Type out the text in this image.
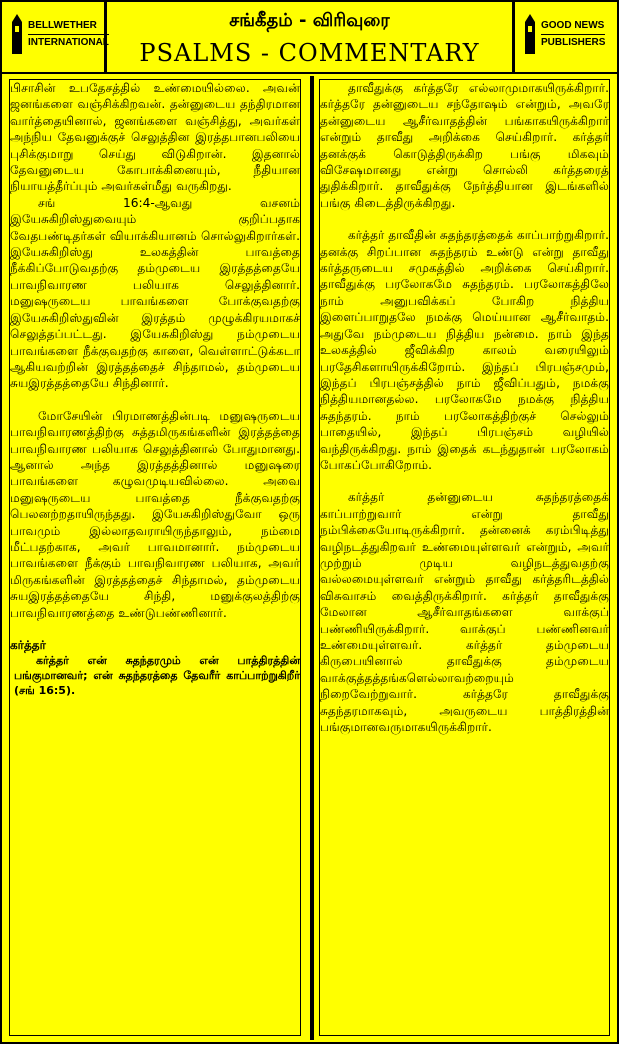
BELLWETHER
INTERNATIONAL
சங்கீதம் - விரிவுரை
PSALMS - COMMENTARY
GOOD NEWS
PUBLISHERS

பிசாசின் உபதேசத்தில் உண்மையில்லை. அவன் ஜனங்களை வஞ்சிக்கிறவன். தன்னுடைய தந்திரமான வார்த்தையினால், ஜனங்களை வஞ்சித்து, அவர்கள் அந்நிய தேவனுக்குச் செலுத்தின இரத்தபானபலியை புசிக்குமாறு செய்து விடுகிறான். இதனால் தேவனுடைய கோபாக்கினையும், நீதியான நியாயத்தீர்ப்பும் அவர்கள்மீது வருகிறது.

சங் 16:4-ஆவது வசனம் இயேசுகிறிஸ்துவையும் குறிப்பதாக வேதபண்டிதர்கள் வியாக்கியானம் சொல்லுகிறார்கள். இயேசுகிறிஸ்து உலகத்தின் பாவத்தை நீக்கிப்போடுவதற்கு தம்முடைய இரத்தத்தையே பாவநிவாரண பலியாக செலுத்தினார். மனுஷருடைய பாவங்களை போக்குவதற்கு இயேசுகிறிஸ்துவின் இரத்தம் முழுக்கிரயமாகச் செலுத்தப்பட்டது. இயேசுகிறிஸ்து நம்முடைய பாவங்களை நீக்குவதற்கு காளை, வெள்ளாட்டுக்கடா ஆகியவற்றின் இரத்தத்தைச் சிந்தாமல், தம்முடைய சுயஇரத்தத்தையே சிந்தினார்.

மோசேயின் பிரமாணத்தின்படி மனுஷருடைய பாவநிவாரணத்திற்கு சுத்தமிருகங்களின் இரத்தத்தை பாவநிவாரண பலியாக செலுத்தினால் போதுமானது. ஆனால் அந்த இரத்தத்தினால் மனுஷரை பாவங்களை கழுவமுடியவில்லை. அவை மனுஷருடைய பாவத்தை நீக்குவதற்கு பெலனற்றதாயிருந்தது. இயேசுகிறிஸ்துவோ ஒரு பாவமும் இல்லாதவராயிருந்தாலும், நம்மை மீட்பதற்காக, அவர் பாவமானார். நம்முடைய பாவங்களை நீக்கும் பாவநிவாரண பலியாக, அவர் மிருகங்களின் இரத்தத்தைச் சிந்தாமல், தம்முடைய சுயஇரத்தத்தையே சிந்தி, மனுக்குலத்திற்கு பாவநிவாரணத்தை உண்டுபண்ணினார்.

கர்த்தர்

கர்த்தர் என் சுதந்தரமும் என் பாத்திரத்தின் பங்குமானவர்; என் சுதந்தரத்தை தேவரீர் காப்பாற்றுகிறீர் (சங் 16:5).

தாவீதுக்கு கர்த்தரே எல்லாமுமாகயிருக்கிறார். கர்த்தரே தன்னுடைய சந்தோஷம் என்றும், அவரே தன்னுடைய ஆசீர்வாதத்தின் பங்காகயிருக்கிறார் என்றும் தாவீது அறிக்கை செய்கிறார். கர்த்தர் தனக்குக் கொடுத்திருக்கிற பங்கு மிகவும் விசேஷமானது என்று சொல்லி கர்த்தரைத் துதிக்கிறார். தாவீதுக்கு நேர்த்தியான இடங்களில் பங்கு கிடைத்திருக்கிறது.

கர்த்தர் தாவீதின் சுதந்தரத்தைக் காப்பாற்றுகிறார். தனக்கு சிறப்பான சுதந்தரம் உண்டு என்று தாவீது கர்த்தருடைய சமுகத்தில் அறிக்கை செய்கிறார். தாவீதுக்கு பரலோகமே சுதந்தரம். பரலோகத்திலே நாம் அனுபவிக்கப் போகிற நித்திய இளைப்பாறுதலே நமக்கு மெய்யான ஆசீர்வாதம். அதுவே நம்முடைய நித்திய நன்மை. நாம் இந்த உலகத்தில் ஜீவிக்கிற காலம் வரையிலும் பரதேசிகளாயிருக்கிறோம். இந்தப் பிரபஞ்சமும், இந்தப் பிரபஞ்சத்தில் நாம் ஜீவிப்பதும், நமக்கு நித்தியமானதல்ல. பரலோகமே நமக்கு நித்திய சுதந்தரம். நாம் பரலோகத்திற்குச் செல்லும் பாதையில், இந்தப் பிரபஞ்சம் வழியில் வந்திருக்கிறது. நாம் இதைக் கடந்துதான் பரலோகம் போகப்போகிறோம்.

கர்த்தர் தன்னுடைய சுதந்தரத்தைக் காப்பாற்றுவார் என்று தாவீது நம்பிக்கையோடிருக்கிறார். தன்னைக் கரம்பிடித்து வழிநடத்துகிறவர் உண்மையுள்ளவர் என்றும், அவர் முற்றும் முடிய வழிநடத்துவதற்கு வல்லமையுள்ளவர் என்றும் தாவீது கர்த்தரிடத்தில் விசுவாசம் வைத்திருக்கிறார். கர்த்தர் தாவீதுக்கு மேலான ஆசீர்வாதங்களை வாக்குப் பண்ணியிருக்கிறார். வாக்குப் பண்ணினவர் உண்மையுள்ளவர். கர்த்தர் தம்முடைய கிருபையினால் தாவீதுக்கு தம்முடைய வாக்குத்தத்தங்களெல்லாவற்றையும் நிறைவேற்றுவார். கர்த்தரே தாவீதுக்கு சுதந்தரமாகவும், அவருடைய பாத்திரத்தின் பங்குமானவருமாகயிருக்கிறார்.
